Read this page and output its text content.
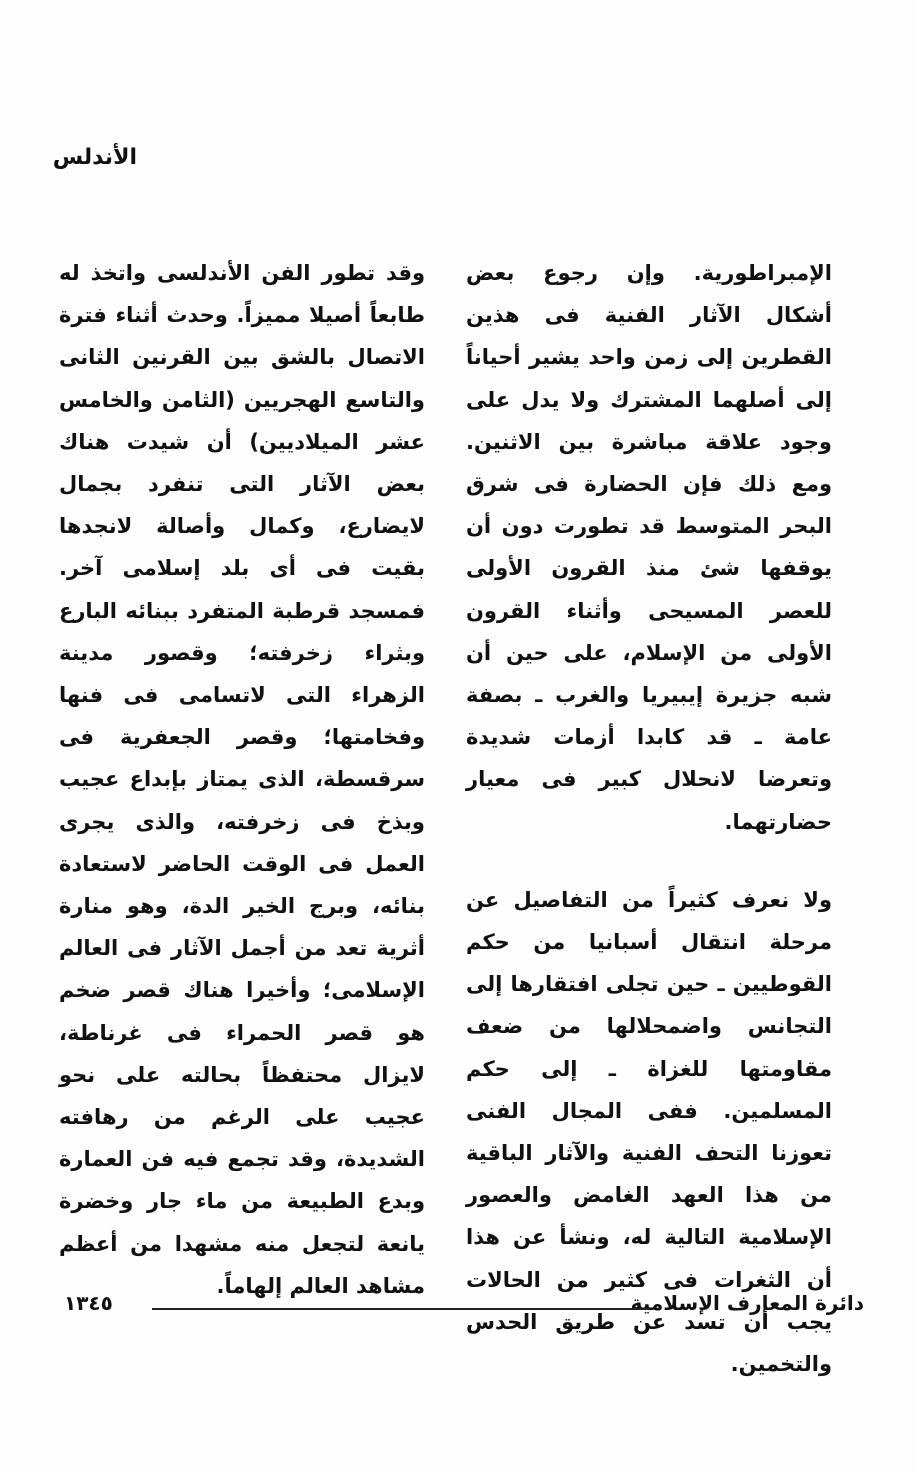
الأندلس

الإمبراطورية. وإن رجوع بعض أشكال الآثار الفنية فى هذين القطرين إلى زمن واحد يشير أحياناً إلى أصلهما المشترك ولا يدل على وجود علاقة مباشرة بين الاثنين. ومع ذلك فإن الحضارة فى شرق البحر المتوسط قد تطورت دون أن يوقفها شئ منذ القرون الأولى للعصر المسيحى وأثناء القرون الأولى من الإسلام، على حين أن شبه جزيرة إيبيريا والغرب ـ بصفة عامة ـ قد كابدا أزمات شديدة وتعرضا لانحلال كبير فى معيار حضارتهما.

ولا نعرف كثيراً من التفاصيل عن مرحلة انتقال أسبانيا من حكم القوطيين ـ حين تجلى افتقارها إلى التجانس واضمحلالها من ضعف مقاومتها للغزاة ـ إلى حكم المسلمين. ففى المجال الفنى تعوزنا التحف الفنية والآثار الباقية من هذا العهد الغامض والعصور الإسلامية التالية له، ونشأ عن هذا أن الثغرات فى كثير من الحالات يجب أن تسد عن طريق الحدس والتخمين.

وقد تطور الفن الأندلسى واتخذ له طابعاً أصيلا مميزاً. وحدث أثناء فترة الاتصال بالشق بين القرنين الثانى والتاسع الهجريين (الثامن والخامس عشر الميلاديين) أن شيدت هناك بعض الآثار التى تنفرد بجمال لايضارع، وكمال وأصالة لانجدها بقيت فى أى بلد إسلامى آخر. فمسجد قرطبة المتفرد ببنائه البارع وبثراء زخرفته؛ وقصور مدينة الزهراء التى لاتسامى فى فنها وفخامتها؛ وقصر الجعفرية فى سرقسطة، الذى يمتاز بإبداع عجيب وبذخ فى زخرفته، والذى يجرى العمل فى الوقت الحاضر لاستعادة بنائه، وبرج الخير الدة، وهو منارة أثرية تعد من أجمل الآثار فى العالم الإسلامى؛ وأخيرا هناك قصر ضخم هو قصر الحمراء فى غرناطة، لايزال محتفظاً بحالته على نحو عجيب على الرغم من رهافته الشديدة، وقد تجمع فيه فن العمارة وبدع الطبيعة من ماء جار وخضرة يانعة لتجعل منه مشهدا من أعظم مشاهد العالم إلهاماً.

دائرة المعارف الإسلامية
١٣٤٥
